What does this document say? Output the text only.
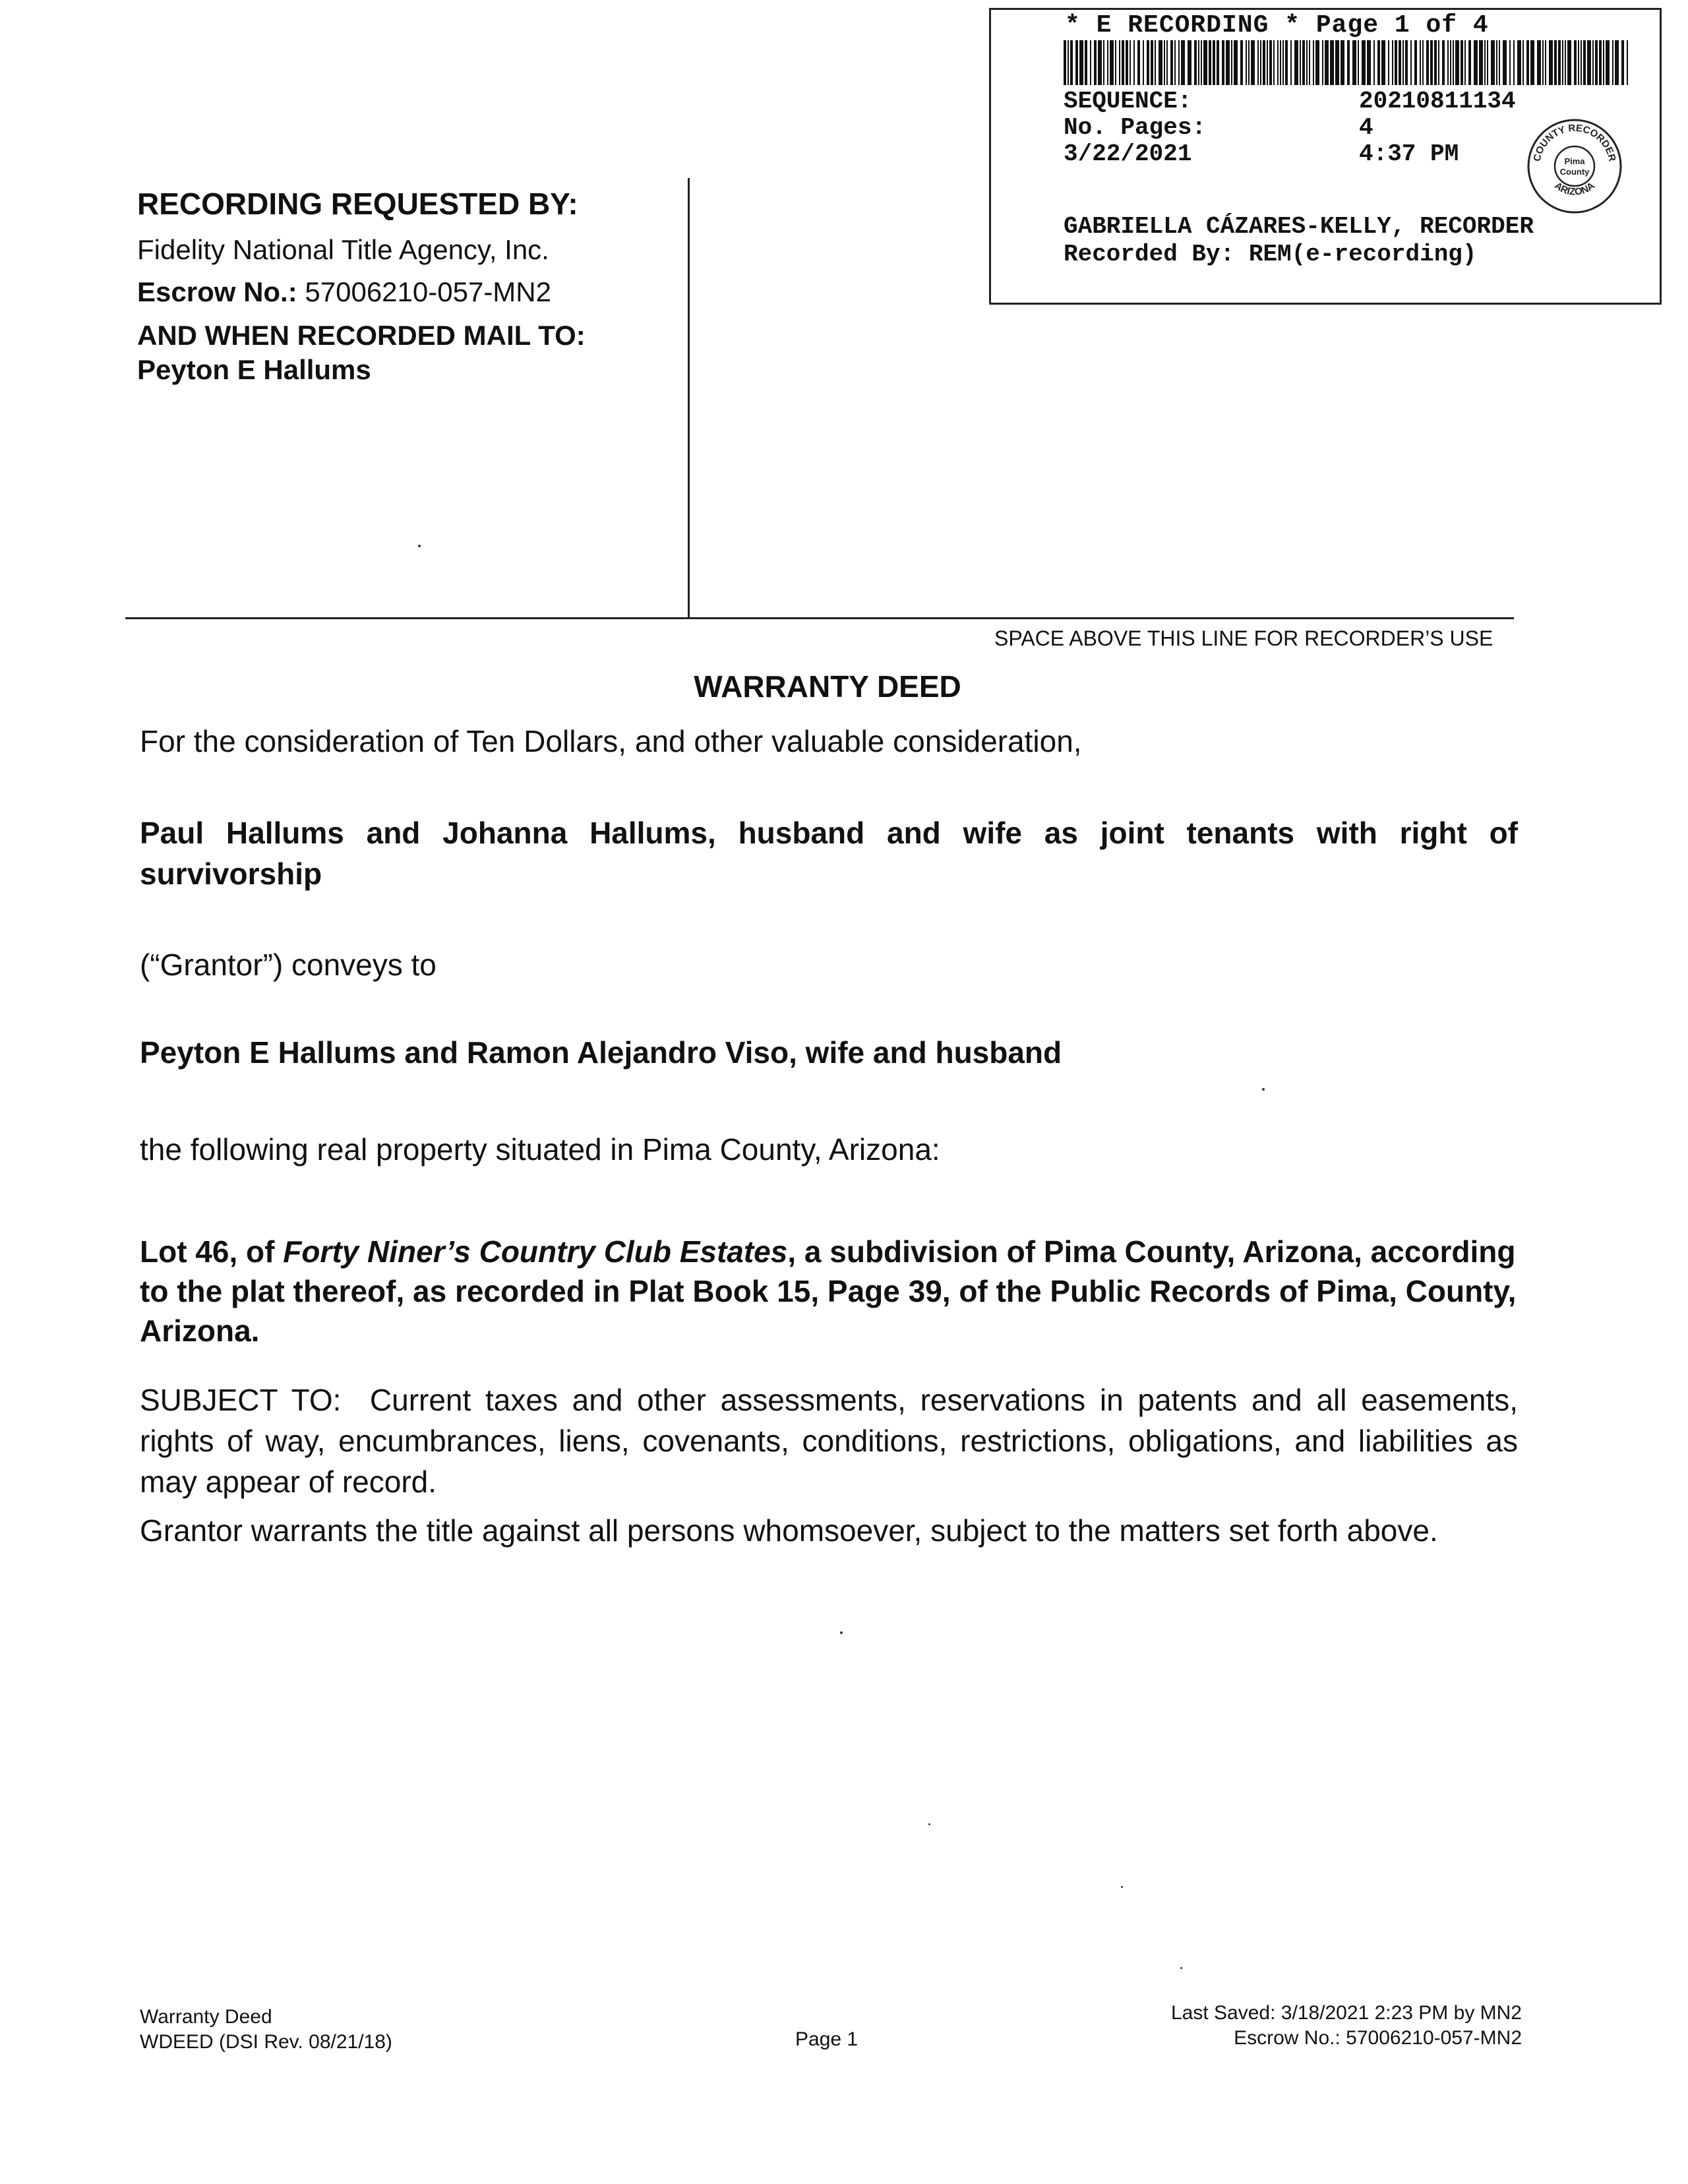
* E RECORDING * Page 1 of 4
SEQUENCE:	20210811134
No. Pages:	4
3/22/2021	4:37 PM	COUNTY RECORDER
ARIZONA
Pima
County
GABRIELLA CÁZARES-KELLY, RECORDER
Recorded By: REM(e-recording)
RECORDING REQUESTED BY:
Fidelity National Title Agency, Inc.
Escrow No.: 57006210-057-MN2
AND WHEN RECORDED MAIL TO:
Peyton E Hallums
SPACE ABOVE THIS LINE FOR RECORDER’S USE
WARRANTY DEED
For the consideration of Ten Dollars, and other valuable consideration,
Paul Hallums and Johanna Hallums, husband and wife as joint tenants with right of survivorship
(“Grantor”) conveys to
Peyton E Hallums and Ramon Alejandro Viso, wife and husband
the following real property situated in Pima County, Arizona:
Lot 46, of Forty Niner’s Country Club Estates, a subdivision of Pima County, Arizona, according to the plat thereof, as recorded in Plat Book 15, Page 39, of the Public Records of Pima, County, Arizona.
SUBJECT TO:  Current taxes and other assessments, reservations in patents and all easements, rights of way, encumbrances, liens, covenants, conditions, restrictions, obligations, and liabilities as may appear of record.
Grantor warrants the title against all persons whomsoever, subject to the matters set forth above.
Warranty Deed
WDEED (DSI Rev. 08/21/18)	Page 1
Last Saved: 3/18/2021 2:23 PM by MN2
Escrow No.: 57006210-057-MN2
